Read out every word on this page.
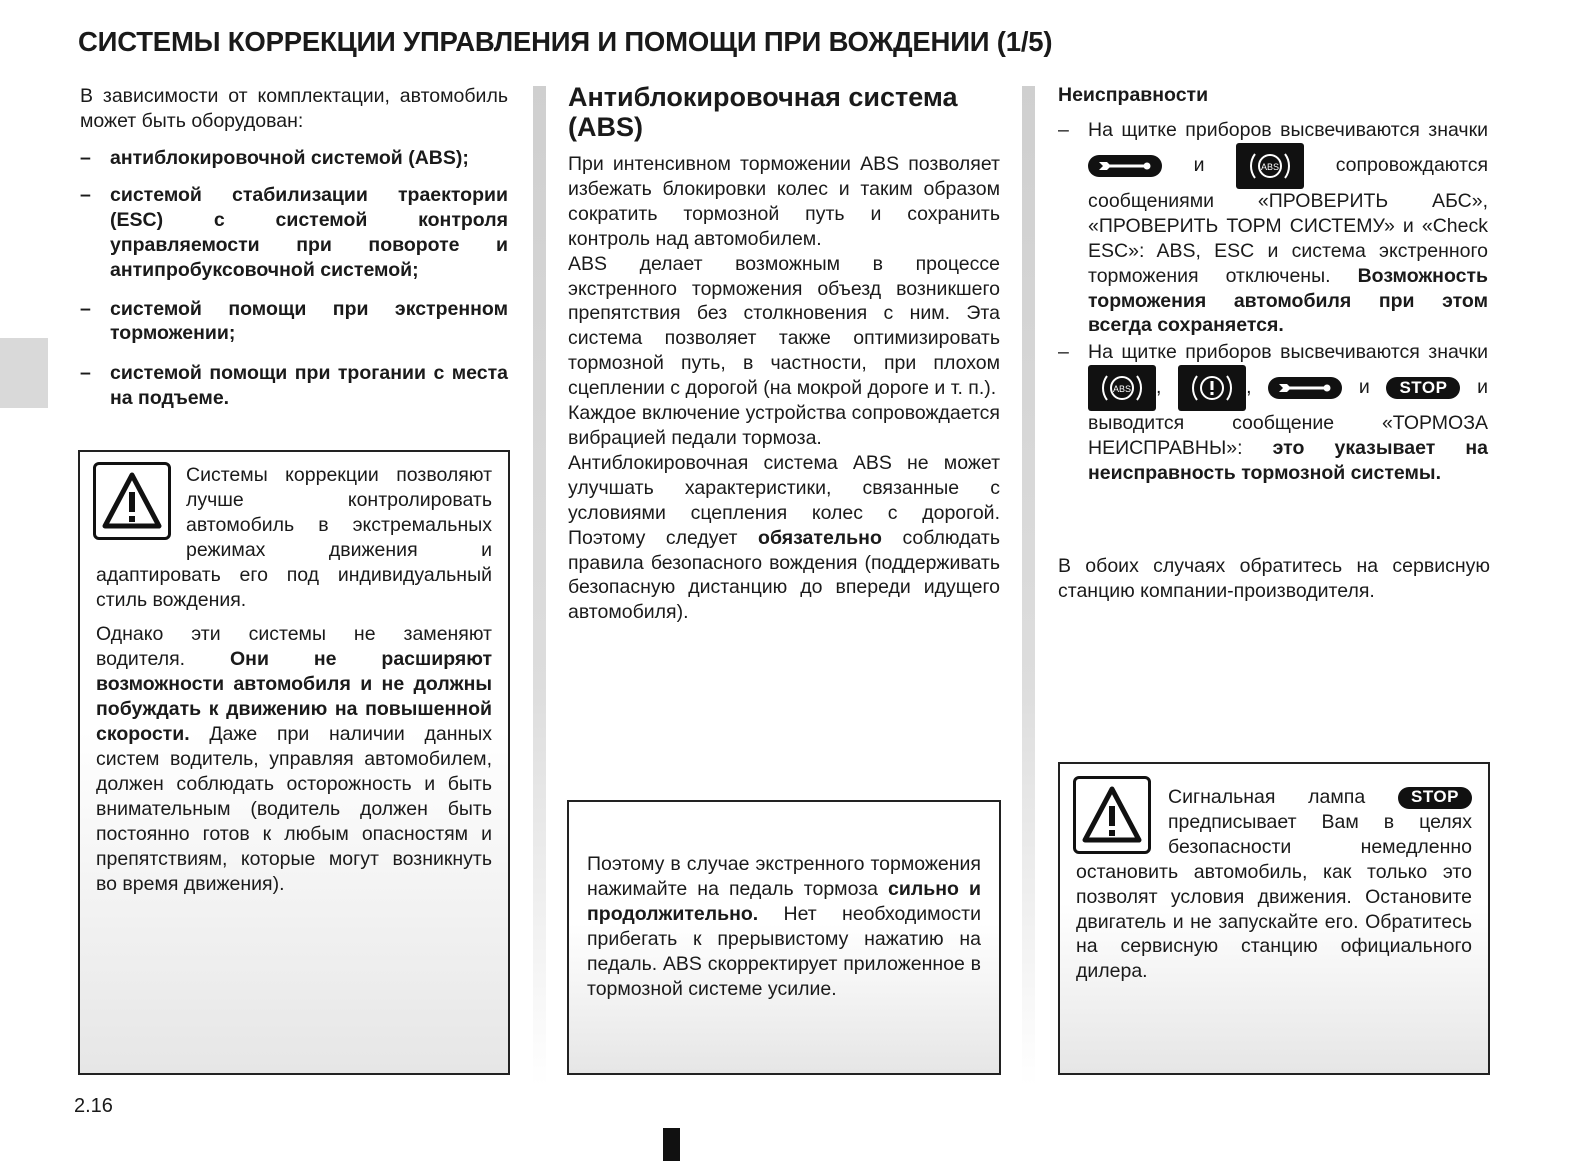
СИСТЕМЫ КОРРЕКЦИИ УПРАВЛЕНИЯ И ПОМОЩИ ПРИ ВОЖДЕНИИ (1/5)
В зависимости от комплектации, автомобиль может быть оборудован:
– антиблокировочной системой (ABS);
– системой стабилизации траектории (ESC) с системой контроля управляемости при повороте и антипробуксовочной системой;
– системой помощи при экстренном торможении;
– системой помощи при трогании с места на подъеме.

Системы коррекции позволяют лучше контролировать автомобиль в экстремальных режимах движения и адаптировать его под индивидуальный стиль вождения.

Однако эти системы не заменяют водителя. Они не расширяют возможности автомобиля и не должны побуждать к движению на повышенной скорости. Даже при наличии данных систем водитель, управляя автомобилем, должен соблюдать осторожность и быть внимательным (водитель должен быть постоянно готов к любым опасностям и препятствиям, которые могут возникнуть во время движения).

Антиблокировочная система (ABS)

При интенсивном торможении ABS позволяет избежать блокировки колес и таким образом сократить тормозной путь и сохранить контроль над автомобилем.

ABS делает возможным в процессе экстренного торможения объезд возникшего препятствия без столкновения с ним. Эта система позволяет также оптимизировать тормозной путь, в частности, при плохом сцеплении с дорогой (на мокрой дороге и т. п.).

Каждое включение устройства сопровождается вибрацией педали тормоза.

Антиблокировочная система ABS не может улучшать характеристики, связанные с условиями сцепления колес с дорогой. Поэтому следует обязательно соблюдать правила безопасного вождения (поддерживать безопасную дистанцию до впереди идущего автомобиля).

Поэтому в случае экстренного торможения нажимайте на педаль тормоза сильно и продолжительно. Нет необходимости прибегать к прерывистому нажатию на педаль. ABS скорректирует приложенное в тормозной системе усилие.
Неисправности
– На щитке приборов высвечиваются значки
и	ABS	сопровождаются сообщениями «ПРОВЕРИТЬ АБС», «ПРОВЕРИТЬ ТОРМ СИСТЕМУ» и «Check ESC»: ABS, ESC и система экстренного торможения отключены. Возможность торможения автомобиля при этом всегда сохраняется.
– На щитке приборов высвечиваются значки
ABS ,	,	и STOP и выводится сообщение «ТОРМОЗА НЕИСПРАВНЫ»: это указывает на неисправность тормозной системы.
В обоих случаях обратитесь на сервисную станцию компании-производителя.
Сигнальная лампа	STOP предписывает Вам в целях безопасности немедленно остановить автомобиль, как только это позволят условия движения. Остановите двигатель и не запускайте его. Обратитесь на сервисную станцию официального дилера.
2.16
